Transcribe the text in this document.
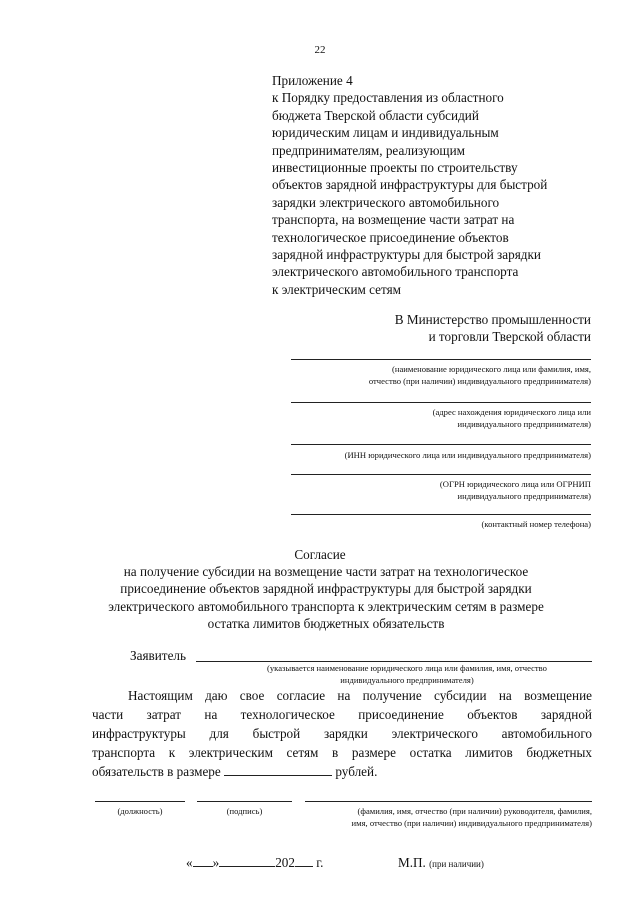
22
Приложение 4
к Порядку предоставления из областного
бюджета Тверской области субсидий
юридическим лицам и индивидуальным
предпринимателям, реализующим
инвестиционные проекты по строительству
объектов зарядной инфраструктуры для быстрой
зарядки электрического автомобильного
транспорта, на возмещение части затрат на
технологическое присоединение объектов
зарядной инфраструктуры для быстрой зарядки
электрического автомобильного транспорта
к электрическим сетям
В Министерство промышленности
и торговли Тверской области
(наименование юридического лица или фамилия, имя,
отчество (при наличии) индивидуального предпринимателя)
(адрес нахождения юридического лица или
индивидуального предпринимателя)
(ИНН юридического лица или индивидуального предпринимателя)
(ОГРН юридического лица или ОГРНИП
индивидуального предпринимателя)
(контактный номер телефона)
Согласие
на получение субсидии на возмещение части затрат на технологическое
присоединение объектов зарядной инфраструктуры для быстрой зарядки
электрического автомобильного транспорта к электрическим сетям в размере
остатка лимитов бюджетных обязательств
Заявитель
(указывается наименование юридического лица или фамилия, имя, отчество
индивидуального предпринимателя)
Настоящим даю свое согласие на получение субсидии на возмещение
части затрат на технологическое присоединение объектов зарядной
инфраструктуры для быстрой зарядки электрического автомобильного
транспорта к электрическим сетям в размере остатка лимитов бюджетных
обязательств в размере	рублей.
(должность)	(подпись)	(фамилия, имя, отчество (при наличии) руководителя, фамилия,
имя, отчество (при наличии) индивидуального предпринимателя)
« »	202 г.	М.П. (при наличии)
